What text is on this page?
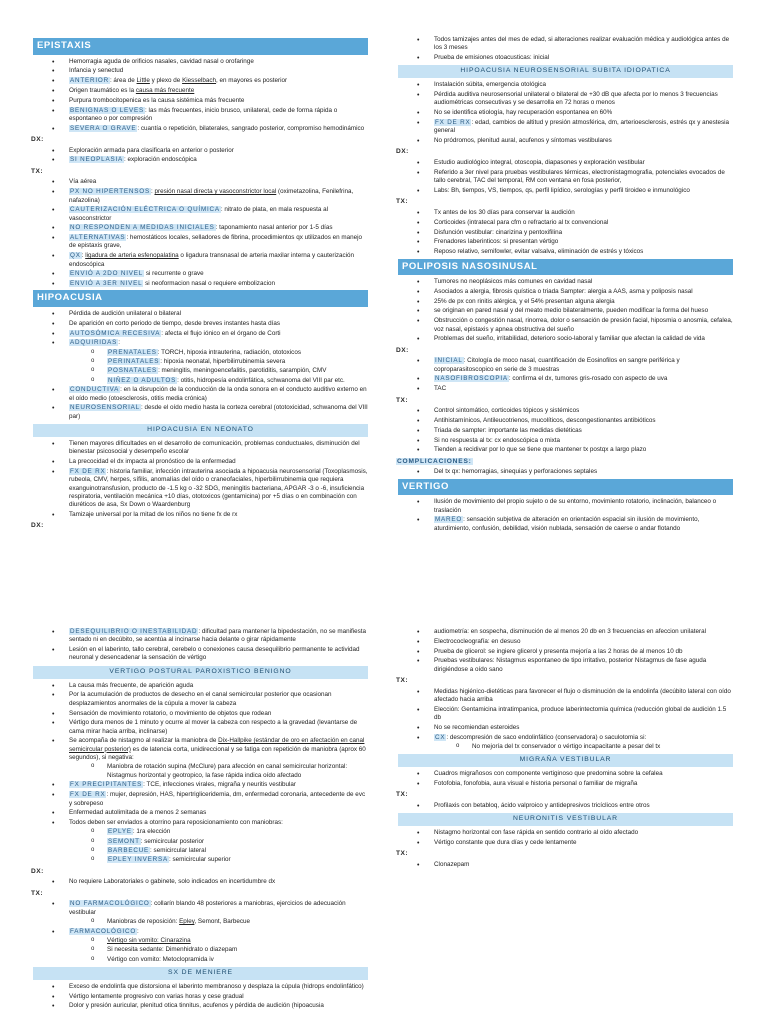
EPISTAXIS
• Hemorragia aguda de orificios nasales, cavidad nasal o orofaringe
• Infancia y senectud
• ANTERIOR: área de Little y plexo de Kiesselbach, en mayores es posterior
• Origen traumático es la causa más frecuente
• Purpura trombocitopenica es la causa sistémica más frecuente
• BENIGNAS O LEVES: las más frecuentes, inicio brusco, unilateral, cede de forma rápida o espontaneo o por compresión
• SEVERA O GRAVE: cuantía o repetición, bilaterales, sangrado posterior, compromiso hemodinámico
DX:
• Exploración armada para clasificarla en anterior o posterior
• SI NEOPLASIA: exploración endoscópica
TX:
• Vía aérea
• PX NO HIPERTENSOS: presión nasal directa y vasoconstrictor local (oximetazolina, Fenilefrina, nafazolina)
• CAUTERIZACIÓN ELÉCTRICA O QUÍMICA: nitrato de plata, en mala respuesta al vasoconstrictor
• NO RESPONDEN A MEDIDAS INICIALES: taponamiento nasal anterior por 1-5 días
• ALTERNATIVAS: hemostáticos locales, selladores de fibrina, procedimientos qx utilizados en manejo de epistaxis grave,
• QX: ligadura de arteria esfenopalatina o ligadura transnasal de arteria maxilar interna y cauterización endoscópica
• ENVIÓ A 2DO NIVEL si recurrente o grave
• ENVIÓ A 3ER NIVEL si neoformacion nasal o requiere embolizacion
HIPOACUSIA
• Pérdida de audición unilateral o bilateral
• De aparición en corto periodo de tiempo, desde breves instantes hasta días
• AUTOSÓMICA RECESIVA: afecta el flujo iónico en el órgano de Corti
• ADQUIRIDAS:
o PRENATALES: TORCH, hipoxia intrauterina, radiación, ototoxicos
o PERINATALES: hipoxia neonatal, hiperbilirrubinemia severa
o POSNATALES: meningitis, meningoencefalitis, parotiditis, sarampión, CMV
o NIÑEZ O ADULTOS: otitis, hidropesía endolinfática, schwanoma del VIII par etc.
• CONDUCTIVA: en la disrupción de la conducción de la onda sonora en el conducto auditivo externo en el oído medio (otoesclerosis, otitis media crónica)
• NEUROSENSORIAL: desde el oído medio hasta la corteza cerebral (ototoxicidad, schwanoma del VIII par)
HIPOACUSIA EN NEONATO
• Tienen mayores dificultades en el desarrollo de comunicación, problemas conductuales, disminución del bienestar psicosocial y desempeño escolar
• La precocidad el dx impacta al pronóstico de la enfermedad
• FX DE RX: historia familiar, infección intrauterina asociada a hipoacusia neurosensorial (Toxoplasmosis, rubeola, CMV, herpes, sífilis, anomalías del oído o craneofaciales, hiperbilirrubinemia que requiera exanguinotransfusion, producto de -1.5 kg o -32 SDG, meningitis bacteriana, APGAR -3 o -6, insuficiencia respiratoria, ventilación mecánica +10 días, ototoxicos (gentamicina) por +5 días o en combinación con diuréticos de asa, Sx Down o Waardenburg
• Tamizaje universal por la mitad de los niños no tiene fx de rx
DX:
• Todos tamizajes antes del mes de edad, si alteraciones realizar evaluación médica y audiológica antes de los 3 meses
• Prueba de emisiones otoacusticas: inicial
HIPOACUSIA NEUROSENSORIAL SUBITA IDIOPATICA
• Instalación súbita, emergencia otológica
• Pérdida auditiva neurosensorial unilateral o bilateral de +30 dB que afecta por lo menos 3 frecuencias audiométricas consecutivas y se desarrolla en 72 horas o menos
• No se identifica etiología, hay recuperación espontanea en 60%
• FX DE RX: edad, cambios de altitud y presión atmosférica, dm, arterioesclerosis, estrés qx y anestesia general
• No pródromos, plenitud aural, acufenos y síntomas vestibulares
DX:
• Estudio audiológico integral, otoscopia, diapasones y exploración vestibular
• Referido a 3er nivel para pruebas vestibulares térmicas, electronistagmografia, potenciales evocados de tallo cerebral, TAC del temporal, RM con ventana en fosa posterior,
• Labs: Bh, tiempos, VS, tiempos, qs, perfil lipídico, serologías y perfil tiroideo e inmunológico
TX:
• Tx antes de los 30 días para conservar la audición
• Corticoides (intratecal para cfm o refractario al tx convencional
• Disfunción vestibular: cinarizina y pentoxifilina
• Frenadores laberinticos: si presentan vértigo
• Reposo relativo, semifowler, evitar valsalva, eliminación de estrés y tóxicos
POLIPOSIS NASOSINUSAL
• Tumores no neoplásicos más comunes en cavidad nasal
• Asociados a alergia, fibrosis quística o triada Sampter: alergia a AAS, asma y poliposis nasal
• 25% de px con rinitis alérgica, y el 54% presentan alguna alergia
• se originan en pared nasal y del meato medio bilateralmente, pueden modificar la forma del hueso
• Obstrucción o congestión nasal, rinorrea, dolor o sensación de presión facial, hiposmia o anosmia, cefalea, voz nasal, epistaxis y apnea obstructiva del sueño
• Problemas del sueño, irritabilidad, deterioro socio-laboral y familiar que afectan la calidad de vida
DX:
• INICIAL: Citología de moco nasal, cuantificación de Eosinofilos en sangre periférica y coproparasitoscopico en serie de 3 muestras
• NASOFIBROSCOPIA: confirma el dx, tumores gris-rosado con aspecto de uva
• TAC
TX:
• Control sintomático, corticoides tópicos y sistémicos
• Antihistamínicos, Antileucotrienos, mucolíticos, descongestionantes antibióticos
• Triada de sampter: importante las medidas dietéticas
• Si no respuesta al tx: cx endoscópica o mixta
• Tienden a recidivar por lo que se tiene que mantener tx postqx a largo plazo
COMPLICACIONES:
• Del tx qx: hemorragias, sinequias y perforaciones septales
VERTIGO
• Ilusión de movimiento del propio sujeto o de su entorno, movimiento rotatorio, inclinación, balanceo o traslación
• MAREO: sensación subjetiva de alteración en orientación espacial sin ilusión de movimiento, aturdimiento, confusión, debilidad, visión nublada, sensación de caerse o andar flotando
• DESEQUILIBRIO O INESTABILIDAD: dificultad para mantener la bipedestación, no se manifiesta sentado ni en decúbito, se acentúa al incinarse hacia delante o girar rápidamente
• Lesión en el laberinto, tallo cerebral, cerebelo o conexiones causa desequilibrio permanente te actividad neuronal y desencadenar la sensación de vértigo
VERTIGO POSTURAL PAROXISTICO BENIGNO
• La causa más frecuente, de aparición aguda
• Por la acumulación de productos de desecho en el canal semicircular posterior que ocasionan desplazamientos anormales de la cúpula a mover la cabeza
• Sensación de movimiento rotatorio, o movimiento de objetos que rodean
• Vértigo dura menos de 1 minuto y ocurre al mover la cabeza con respecto a la gravedad (levantarse de cama mirar hacia arriba, inclinarse)
• Se acompaña de nistagmo al realizar la maniobra de Dix-Hallpike (estándar de oro en afectación en canal semicircular posterior) es de latencia corta, unidireccional y se fatiga con repetición de maniobra (aprox 60 segundos), si negativa:
o Maniobra de rotación supina (McClure) para afección en canal semicircular horizontal: Nistagmus horizontal y geotropico, la fase rápida indica oído afectado
• FX PRECIPITANTES: TCE, infecciones virales, migraña y neuritis vestibular
• FX DE RX: mujer, depresión, HAS, hipertrigliceridemia, dm, enfermedad coronaria, antecedente de evc y sobrepeso
• Enfermedad autolimitada de a menos 2 semanas
• Todos deben ser enviados a otorrino para reposicionamiento con maniobras:
o EPLYE: 1ra elección
o SEMONT: semicircular posterior
o BARBECUE: semicircular lateral
o EPLEY INVERSA: semicircular superior
DX:
• No requiere Laboratoriales o gabinete, solo indicados en incertidumbre dx
TX:
• NO FARMACOLÓGICO: collarín blando 48 posteriores a maniobras, ejercicios de adecuación vestibular
o Maniobras de reposición: Epley, Semont, Barbecue
• FARMACOLÓGICO:
o Vértigo sin vomito: Cinarazina
o Si necesita sedante: Dimenhidrato o diazepam
o Vértigo con vomito: Metoclopramida iv
SX DE MENIERE
• Exceso de endolinfa que distorsiona el laberinto membranoso y desplaza la cúpula (hidrops endolinfático)
• Vértigo lentamente progresivo con varias horas y cese gradual
• Dolor y presión auricular, plenitud otica tinnitus, acufenos y pérdida de audición (hipoacusia
• audiometría: en sospecha, disminución de al menos 20 db en 3 frecuencias en afeccion unilateral
• Electrococleografía: en desuso
• Prueba de glicerol: se ingiere glicerol y presenta mejoría a las 2 horas de al menos 10 db
• Pruebas vestibulares: Nistagmus espontaneo de tipo irritativo, posterior Nistagmus de fase aguda dirigiéndose a oído sano
TX:
• Medidas higiénico-dietéticas para favorecer el flujo o disminución de la endolinfa (decúbito lateral con oído afectado hacia arriba
• Elección: Gentamicina intratimpanica, produce laberintectomia química (reducción global de audición 1.5 db
• No se recomiendan esteroides
• CX: descompresión de saco endolinfático (conservadora) o saculotomia si:
o No mejoría del tx conservador o vértigo incapacitante a pesar del tx
MIGRAÑA VESTIBULAR
• Cuadros migrañosos con componente vertiginoso que predomina sobre la cefalea
• Fotofobia, fonofobia, aura visual e historia personal o familiar de migraña
TX:
• Profilaxis con betabloq, ácido valproico y antidepresivos tricíclicos entre otros
NEURONITIS VESTIBULAR
• Nistagmo horizontal con fase rápida en sentido contrario al oído afectado
• Vértigo constante que dura días y cede lentamente
TX:
• Clonazepam
